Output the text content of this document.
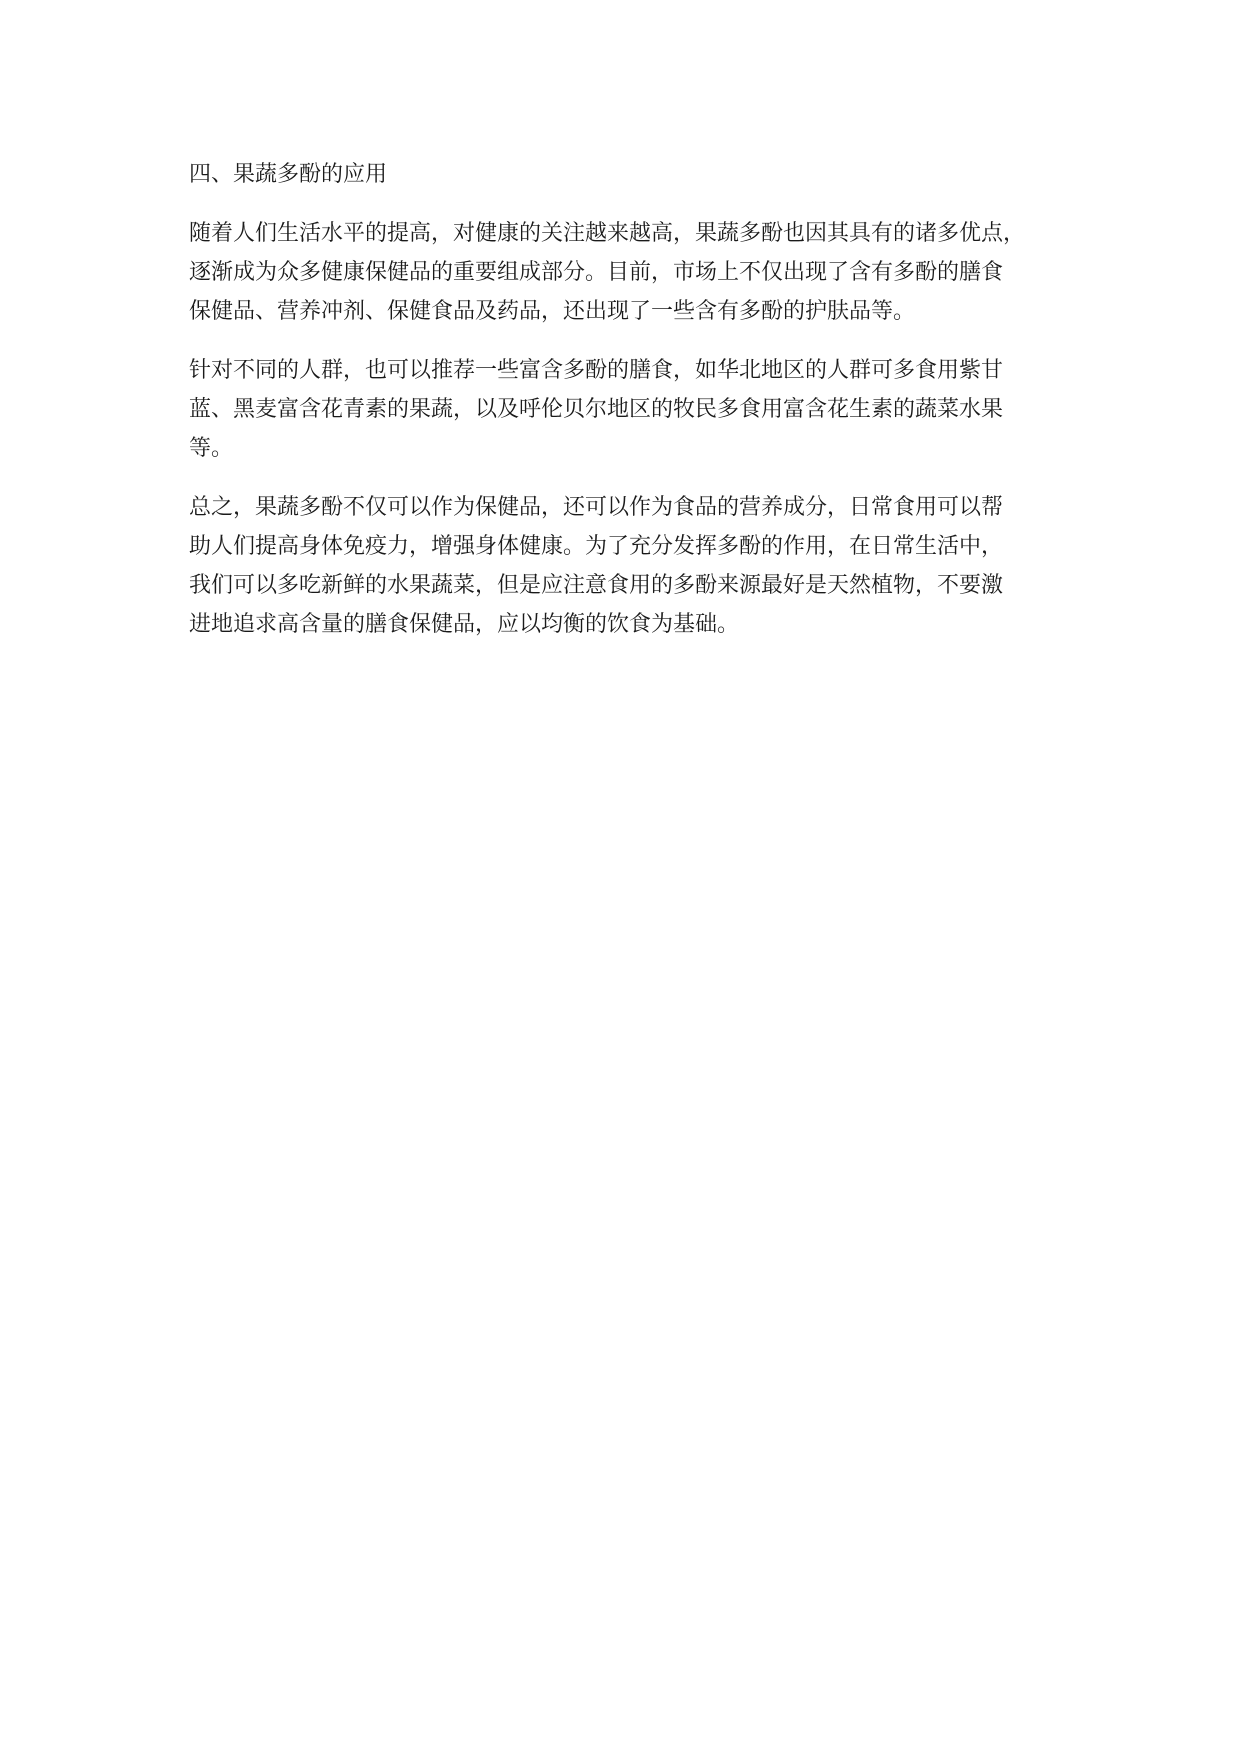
四、果蔬多酚的应用
随着人们生活水平的提高，对健康的关注越来越高，果蔬多酚也因其具有的诸多优点，
逐渐成为众多健康保健品的重要组成部分。目前，市场上不仅出现了含有多酚的膳食
保健品、营养冲剂、保健食品及药品，还出现了一些含有多酚的护肤品等。
针对不同的人群，也可以推荐一些富含多酚的膳食，如华北地区的人群可多食用紫甘
蓝、黑麦富含花青素的果蔬，以及呼伦贝尔地区的牧民多食用富含花生素的蔬菜水果
等。
总之，果蔬多酚不仅可以作为保健品，还可以作为食品的营养成分，日常食用可以帮
助人们提高身体免疫力，增强身体健康。为了充分发挥多酚的作用，在日常生活中，
我们可以多吃新鲜的水果蔬菜，但是应注意食用的多酚来源最好是天然植物，不要激
进地追求高含量的膳食保健品，应以均衡的饮食为基础。
